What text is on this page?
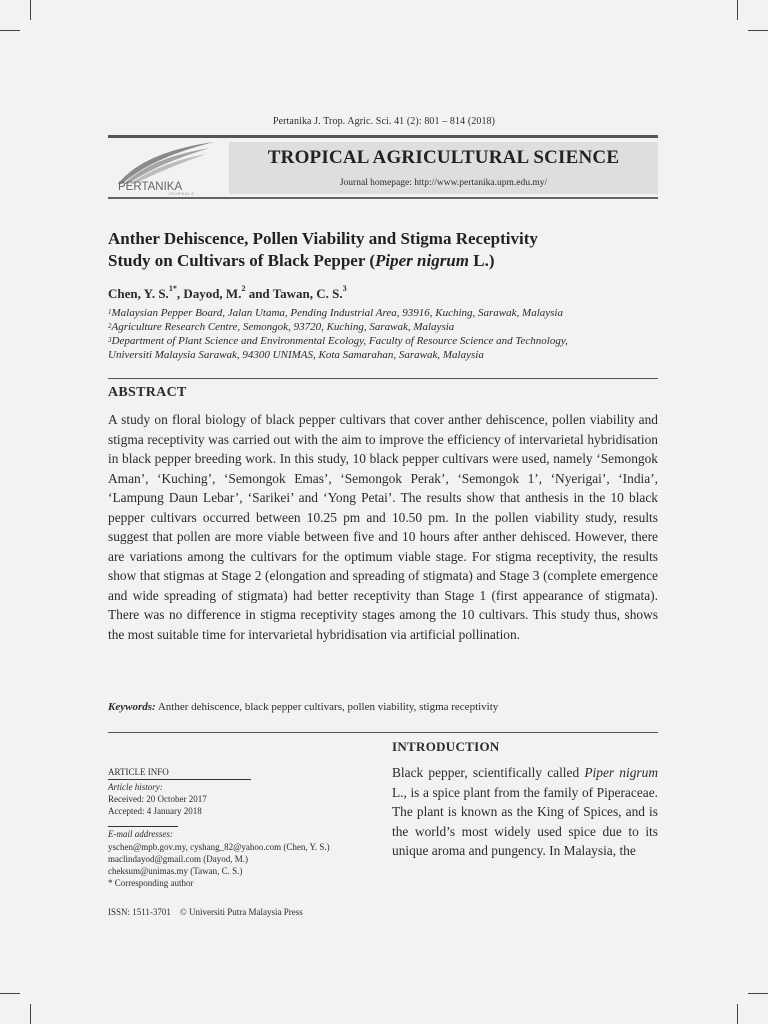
Pertanika J. Trop. Agric. Sci. 41 (2): 801 – 814 (2018)
TROPICAL AGRICULTURAL SCIENCE
Journal homepage: http://www.pertanika.upm.edu.my/
PERTANIKA
JOURNALS
Anther Dehiscence, Pollen Viability and Stigma Receptivity
Study on Cultivars of Black Pepper (Piper nigrum L.)
Chen, Y. S.$^{1*}$, Dayod, M.$^2$ and Tawan, C. S.$^3$
$^1$Malaysian Pepper Board, Jalan Utama, Pending Industrial Area, 93916, Kuching, Sarawak, Malaysia
$^2$Agriculture Research Centre, Semongok, 93720, Kuching, Sarawak, Malaysia
$^3$Department of Plant Science and Environmental Ecology, Faculty of Resource Science and Technology,
Universiti Malaysia Sarawak, 94300 UNIMAS, Kota Samarahan, Sarawak, Malaysia
ABSTRACT
A study on floral biology of black pepper cultivars that cover anther dehiscence, pollen viability and stigma receptivity was carried out with the aim to improve the efficiency of intervarietal hybridisation in black pepper breeding work. In this study, 10 black pepper cultivars were used, namely ‘Semongok Aman’, ‘Kuching’, ‘Semongok Emas’, ‘Semongok Perak’, ‘Semongok 1’, ‘Nyerigai’, ‘India’, ‘Lampung Daun Lebar’, ‘Sarikei’ and ‘Yong Petai’. The results show that anthesis in the 10 black pepper cultivars occurred between 10.25 pm and 10.50 pm. In the pollen viability study, results suggest that pollen are more viable between five and 10 hours after anther dehisced. However, there are variations among the cultivars for the optimum viable stage. For stigma receptivity, the results show that stigmas at Stage 2 (elongation and spreading of stigmata) and Stage 3 (complete emergence and wide spreading of stigmata) had better receptivity than Stage 1 (first appearance of stigmata). There was no difference in stigma receptivity stages among the 10 cultivars. This study thus, shows the most suitable time for intervarietal hybridisation via artificial pollination.
Keywords: Anther dehiscence, black pepper cultivars, pollen viability, stigma receptivity
ARTICLE INFO
Article history:
Received: 20 October 2017
Accepted: 4 January 2018
E-mail addresses:
yschen@mpb.gov.my, cyshang_82@yahoo.com (Chen, Y. S.)
maclindayod@gmail.com (Dayod, M.)
cheksum@unimas.my (Tawan, C. S.)
* Corresponding author
INTRODUCTION
Black pepper, scientifically called Piper nigrum L., is a spice plant from the family of Piperaceae. The plant is known as the King of Spices, and is the world’s most widely used spice due to its unique aroma and pungency. In Malaysia, the
ISSN: 1511-3701 © Universiti Putra Malaysia Press
